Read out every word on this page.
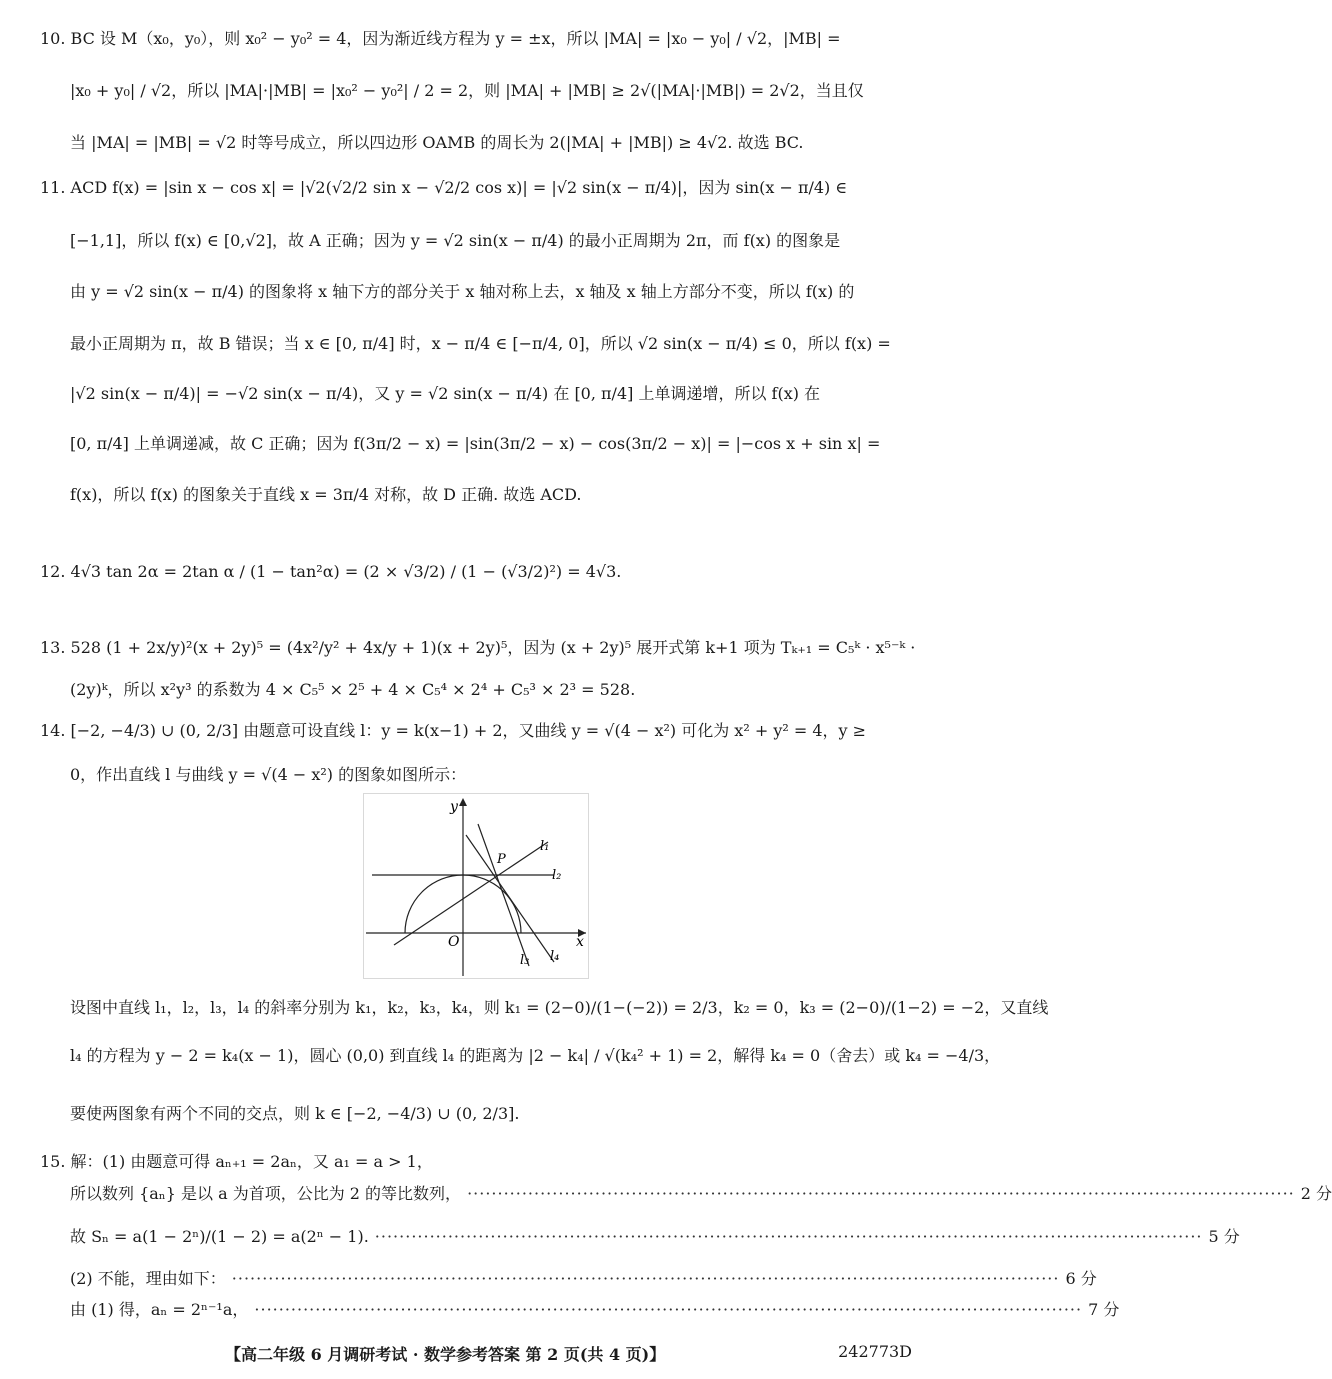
10. BC 设 M（x₀，y₀），则 x₀² − y₀² = 4，因为渐近线方程为 y = ±x，所以 |MA| = |x₀ − y₀| / √2，|MB| =
|x₀ + y₀| / √2，所以 |MA|·|MB| = |x₀² − y₀²| / 2 = 2，则 |MA| + |MB| ≥ 2√(|MA|·|MB|) = 2√2，当且仅
当 |MA| = |MB| = √2 时等号成立，所以四边形 OAMB 的周长为 2(|MA| + |MB|) ≥ 4√2. 故选 BC.
11. ACD f(x) = |sin x − cos x| = |√2(√2/2 sin x − √2/2 cos x)| = |√2 sin(x − π/4)|，因为 sin(x − π/4) ∈
[−1,1]，所以 f(x) ∈ [0,√2]，故 A 正确；因为 y = √2 sin(x − π/4) 的最小正周期为 2π，而 f(x) 的图象是
由 y = √2 sin(x − π/4) 的图象将 x 轴下方的部分关于 x 轴对称上去，x 轴及 x 轴上方部分不变，所以 f(x) 的
最小正周期为 π，故 B 错误；当 x ∈ [0, π/4] 时，x − π/4 ∈ [−π/4, 0]，所以 √2 sin(x − π/4) ≤ 0，所以 f(x) =
|√2 sin(x − π/4)| = −√2 sin(x − π/4)，又 y = √2 sin(x − π/4) 在 [0, π/4] 上单调递增，所以 f(x) 在
[0, π/4] 上单调递减，故 C 正确；因为 f(3π/2 − x) = |sin(3π/2 − x) − cos(3π/2 − x)| = |−cos x + sin x| =
f(x)，所以 f(x) 的图象关于直线 x = 3π/4 对称，故 D 正确. 故选 ACD.
12. 4√3 tan 2α = 2tan α / (1 − tan²α) = (2 × √3/2) / (1 − (√3/2)²) = 4√3.
13. 528 (1 + 2x/y)²(x + 2y)⁵ = (4x²/y² + 4x/y + 1)(x + 2y)⁵，因为 (x + 2y)⁵ 展开式第 k+1 项为 Tₖ₊₁ = C₅ᵏ · x⁵⁻ᵏ ·
(2y)ᵏ，所以 x²y³ 的系数为 4 × C₅⁵ × 2⁵ + 4 × C₅⁴ × 2⁴ + C₅³ × 2³ = 528.
14. [−2, −4/3) ∪ (0, 2/3] 由题意可设直线 l：y = k(x−1) + 2，又曲线 y = √(4 − x²) 可化为 x² + y² = 4，y ≥
0，作出直线 l 与曲线 y = √(4 − x²) 的图象如图所示：
y
x
O
P
l₁
l₂
l₃ l₄
设图中直线 l₁，l₂，l₃，l₄ 的斜率分别为 k₁，k₂，k₃，k₄，则 k₁ = (2−0)/(1−(−2)) = 2/3，k₂ = 0，k₃ = (2−0)/(1−2) = −2，又直线
l₄ 的方程为 y − 2 = k₄(x − 1)，圆心 (0,0) 到直线 l₄ 的距离为 |2 − k₄| / √(k₄² + 1) = 2，解得 k₄ = 0（舍去）或 k₄ = −4/3，
要使两图象有两个不同的交点，则 k ∈ [−2, −4/3) ∪ (0, 2/3].
15. 解：(1) 由题意可得 aₙ₊₁ = 2aₙ，又 a₁ = a > 1，
所以数列 {aₙ} 是以 a 为首项，公比为 2 的等比数列， ········································································································································ 2 分
故 Sₙ = a(1 − 2ⁿ)/(1 − 2) = a(2ⁿ − 1). ········································································································································ 5 分
(2) 不能，理由如下： ········································································································································ 6 分
由 (1) 得，aₙ = 2ⁿ⁻¹a， ········································································································································ 7 分
【高二年级 6 月调研考试 · 数学参考答案 第 2 页(共 4 页)】	242773D
